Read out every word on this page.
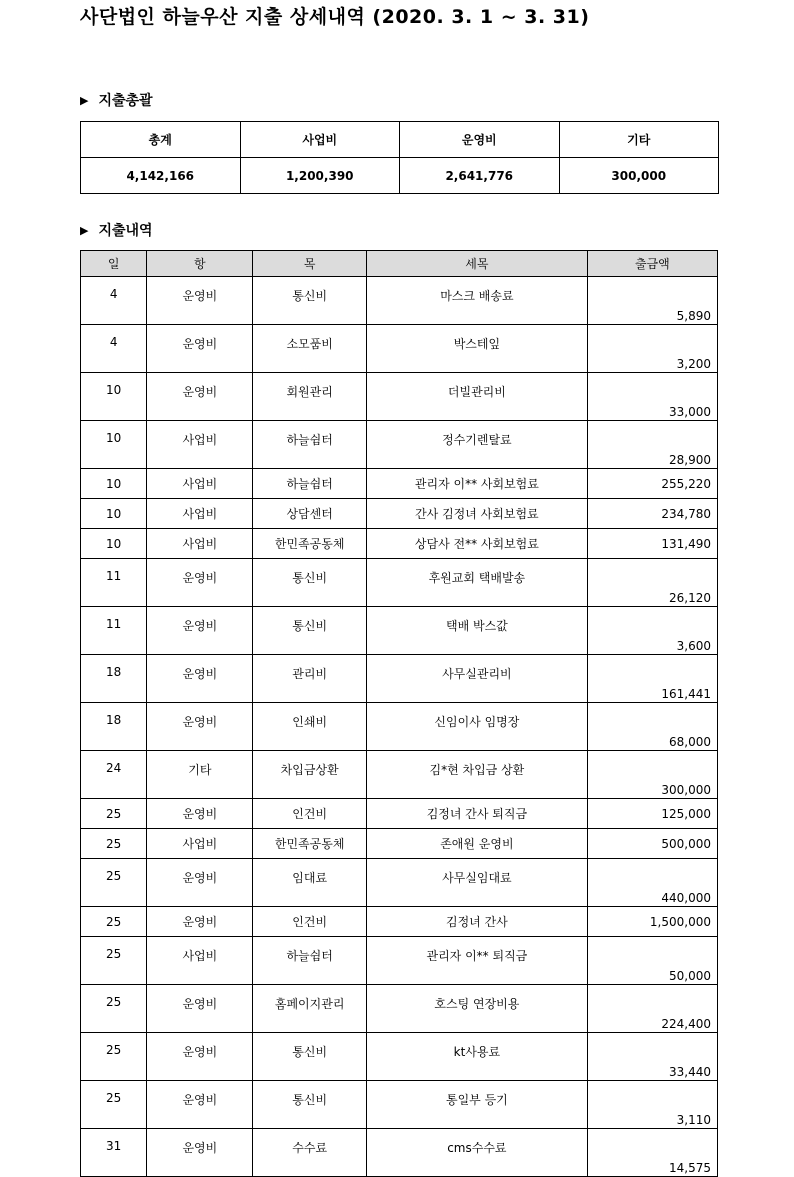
사단법인 하늘우산 지출 상세내역 (2020. 3. 1 ~ 3. 31)
▶ 지출총괄
총계	사업비	운영비	기타
4,142,166	1,200,390	2,641,776	300,000
▶ 지출내역
일	항	목	세목	출금액
4	운영비	통신비	마스크 배송료	5,890
4	운영비	소모품비	박스테잎	3,200
10	운영비	회원관리	더빌관리비	33,000
10	사업비	하늘쉼터	정수기렌탈료	28,900
10	사업비	하늘쉼터	관리자 이** 사회보험료	255,220
10	사업비	상담센터	간사 김정녀 사회보험료	234,780
10	사업비	한민족공동체	상담사 전** 사회보험료	131,490
11	운영비	통신비	후원교회 택배발송	26,120
11	운영비	통신비	택배 박스값	3,600
18	운영비	관리비	사무실관리비	161,441
18	운영비	인쇄비	신임이사 임명장	68,000
24	기타	차입금상환	김*현 차입금 상환	300,000
25	운영비	인건비	김정녀 간사 퇴직금	125,000
25	사업비	한민족공동체	존애원 운영비	500,000
25	운영비	임대료	사무실임대료	440,000
25	운영비	인건비	김정녀 간사	1,500,000
25	사업비	하늘쉼터	관리자 이** 퇴직금	50,000
25	운영비	홈페이지관리	호스팅 연장비용	224,400
25	운영비	통신비	kt사용료	33,440
25	운영비	통신비	통일부 등기	3,110
31	운영비	수수료	cms수수료	14,575
